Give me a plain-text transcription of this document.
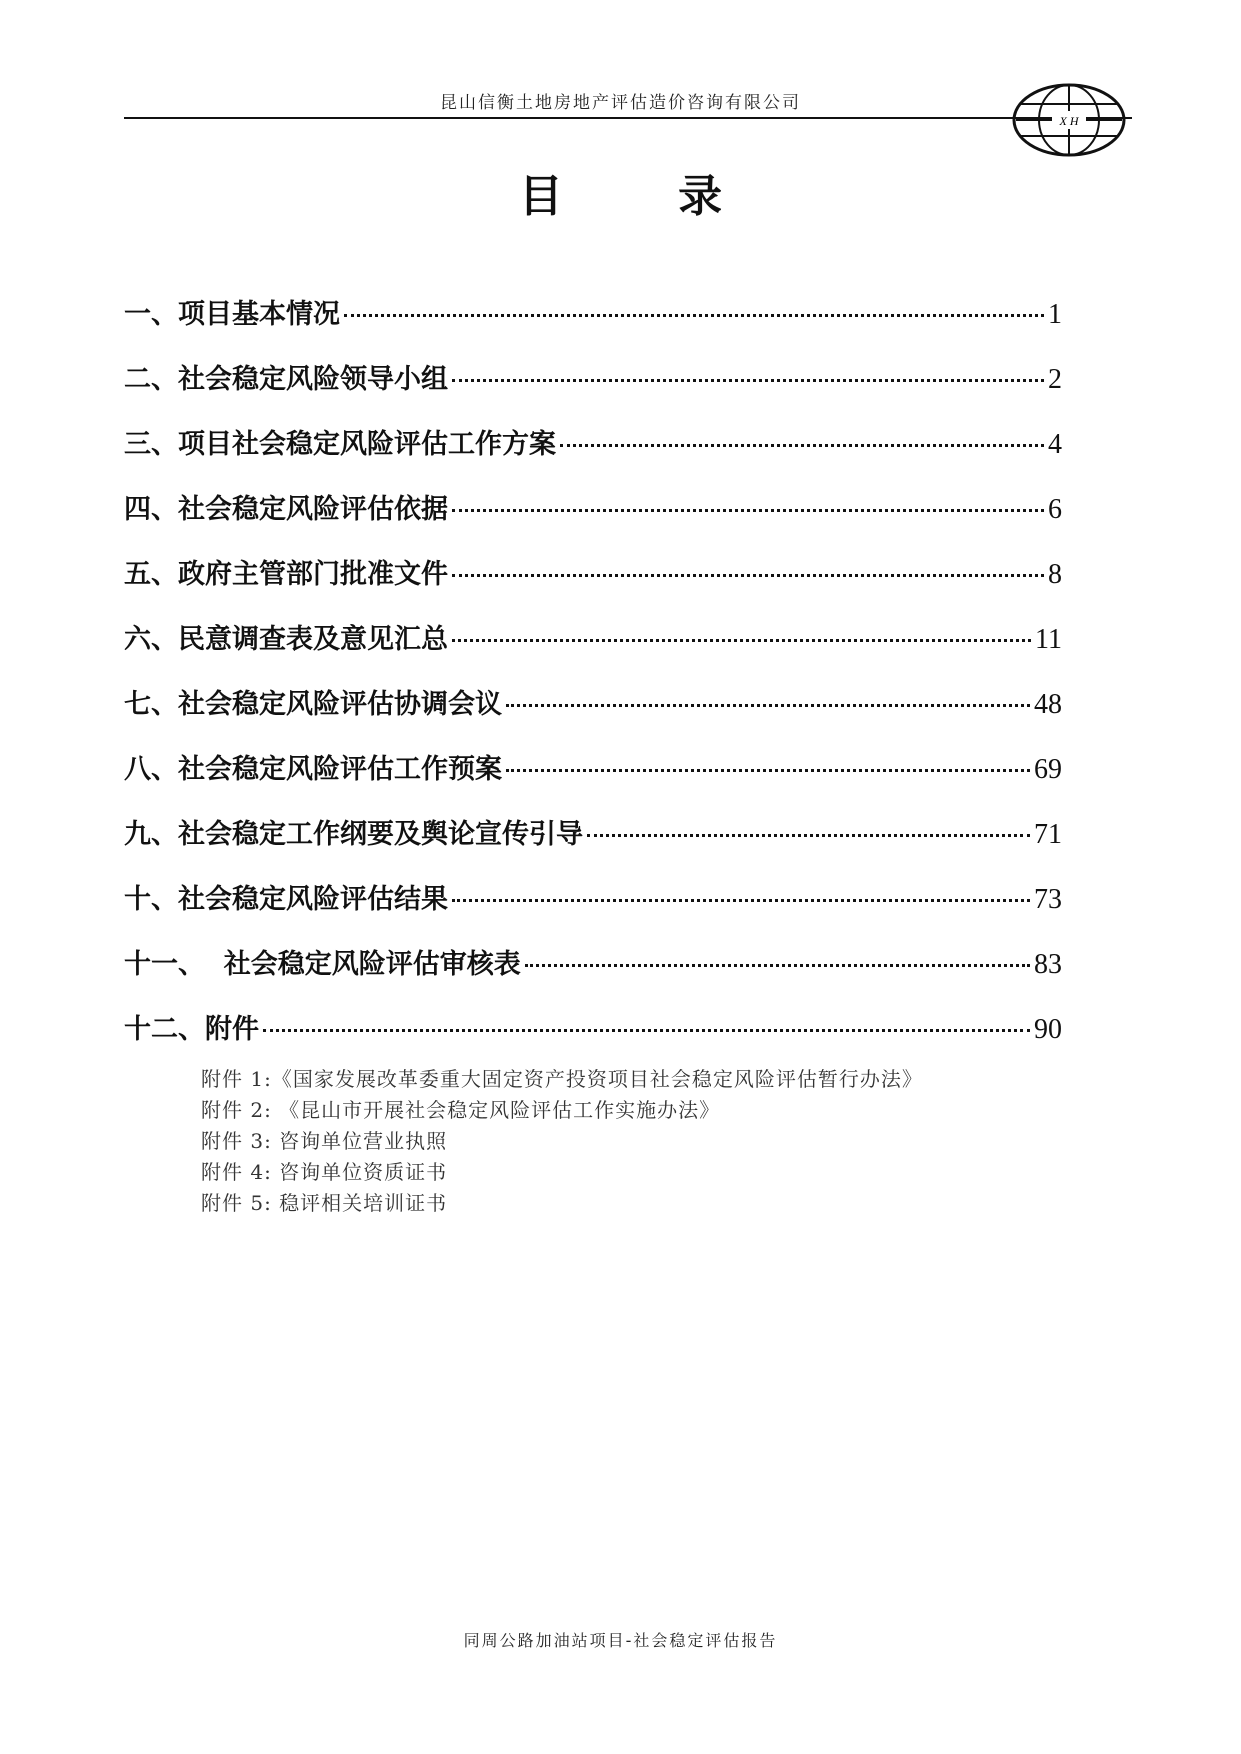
昆山信衡土地房地产评估造价咨询有限公司
X H
目 录
一、项目基本情况	1
二、社会稳定风险领导小组	2
三、项目社会稳定风险评估工作方案	4
四、社会稳定风险评估依据	6
五、政府主管部门批准文件	8
六、民意调查表及意见汇总	11
七、社会稳定风险评估协调会议	48
八、社会稳定风险评估工作预案	69
九、社会稳定工作纲要及舆论宣传引导	71
十、社会稳定风险评估结果	73
十一、  社会稳定风险评估审核表	83
十二、附件	90
附件 1:《国家发展改革委重大固定资产投资项目社会稳定风险评估暂行办法》
附件 2: 《昆山市开展社会稳定风险评估工作实施办法》
附件 3: 咨询单位营业执照
附件 4: 咨询单位资质证书
附件 5: 稳评相关培训证书
同周公路加油站项目-社会稳定评估报告
